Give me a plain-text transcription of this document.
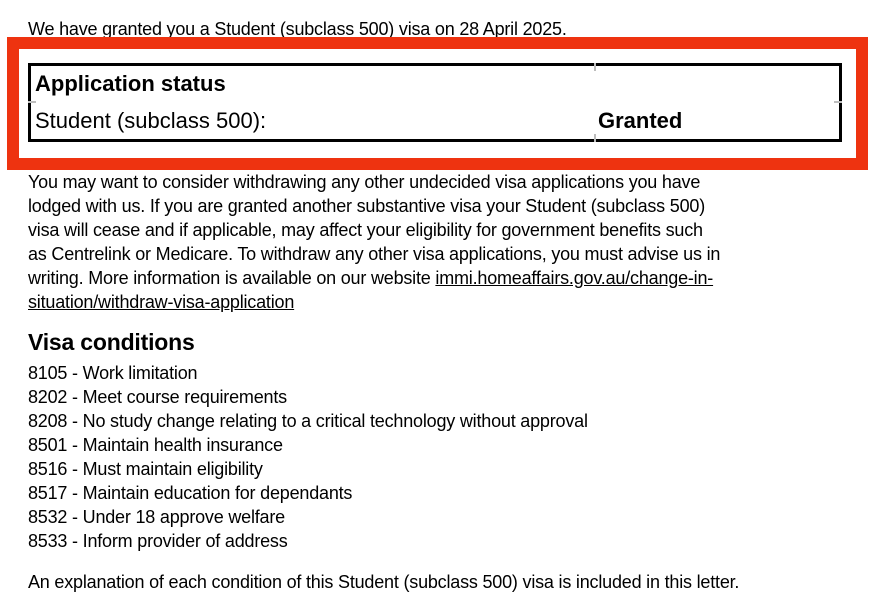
We have granted you a Student (subclass 500) visa on 28 April 2025.
Application status
Student (subclass 500):	Granted
You may want to consider withdrawing any other undecided visa applications you have
lodged with us. If you are granted another substantive visa your Student (subclass 500)
visa will cease and if applicable, may affect your eligibility for government benefits such
as Centrelink or Medicare. To withdraw any other visa applications, you must advise us in
writing. More information is available on our website immi.homeaffairs.gov.au/change-in-
situation/withdraw-visa-application
Visa conditions
8105 - Work limitation
8202 - Meet course requirements
8208 - No study change relating to a critical technology without approval
8501 - Maintain health insurance
8516 - Must maintain eligibility
8517 - Maintain education for dependants
8532 - Under 18 approve welfare
8533 - Inform provider of address
An explanation of each condition of this Student (subclass 500) visa is included in this letter.
